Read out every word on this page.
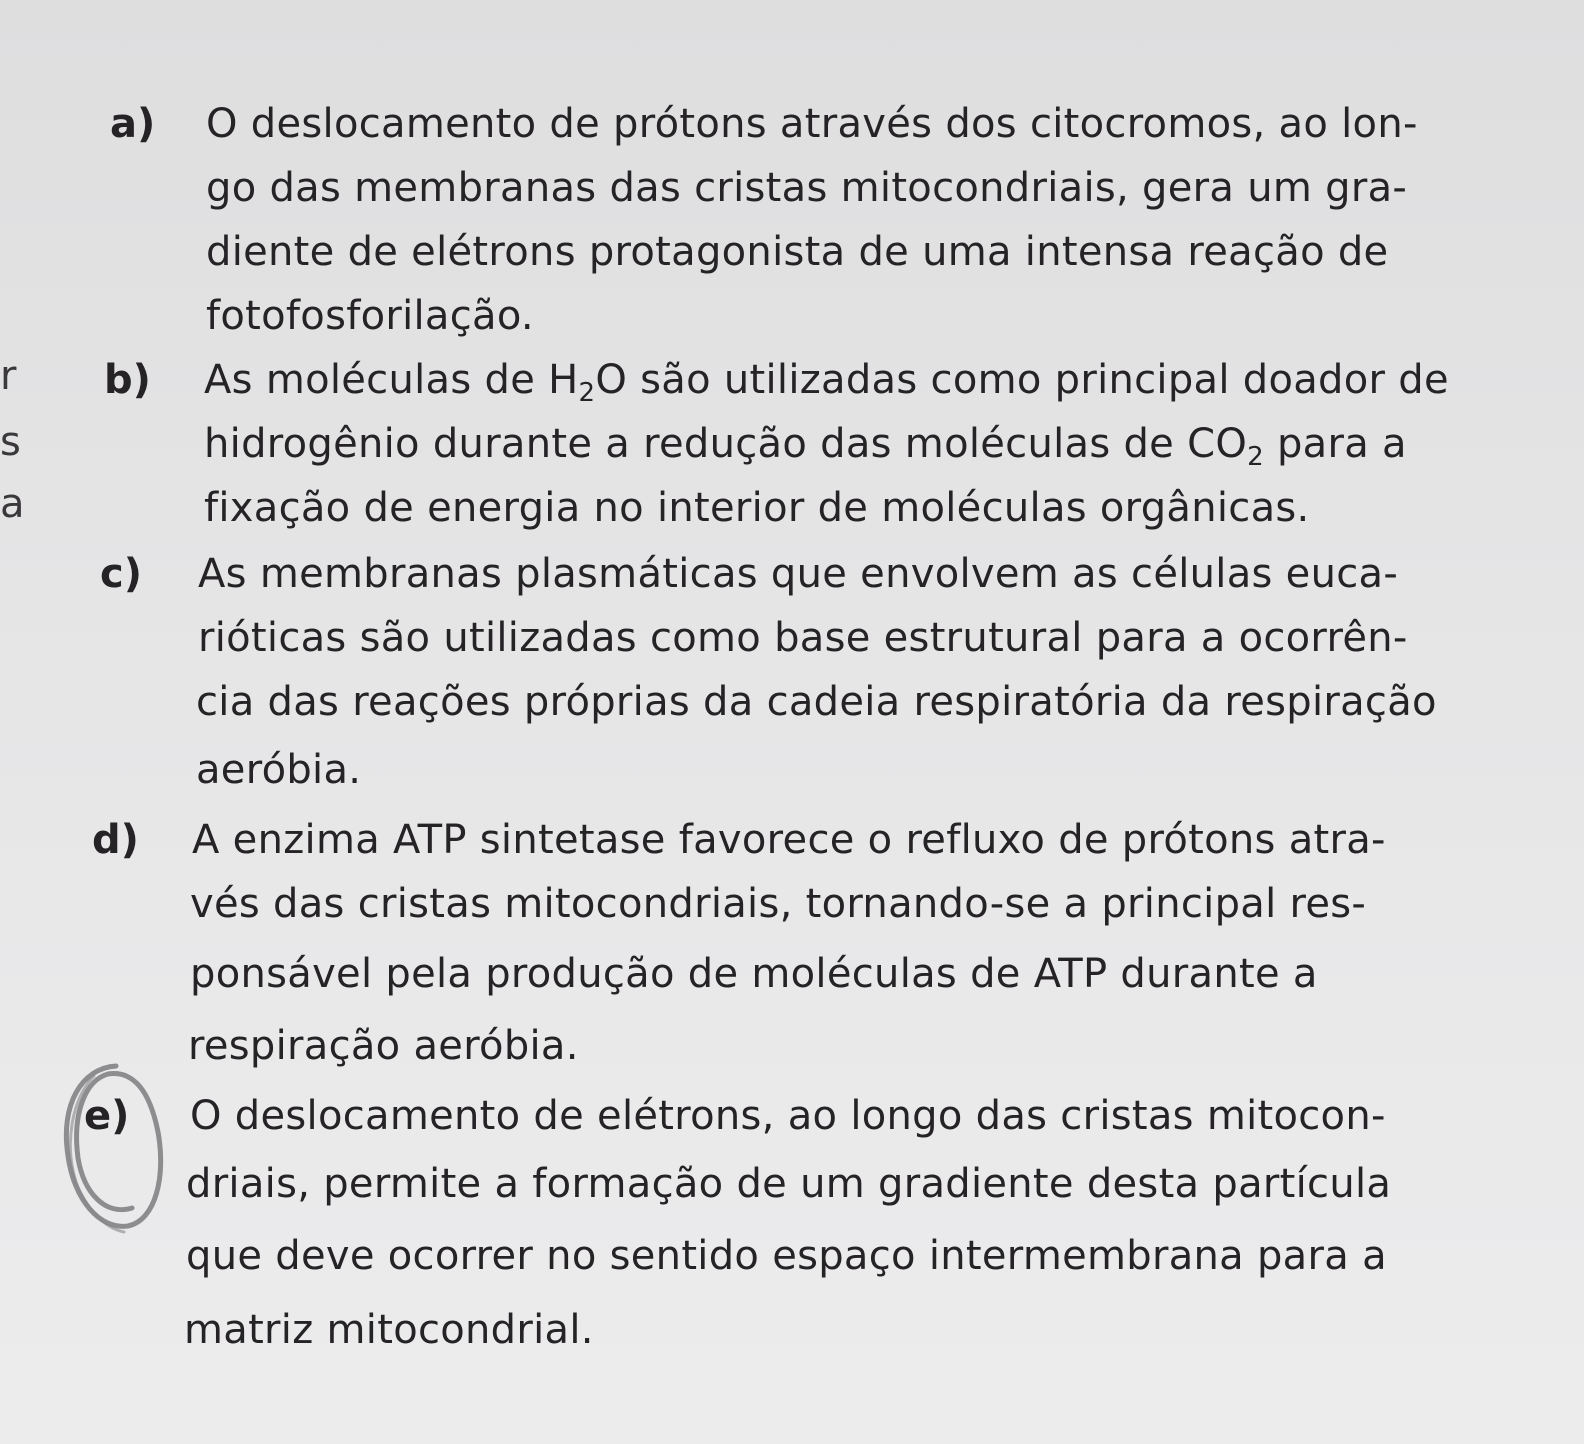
r
s
a
a) O deslocamento de prótons através dos citocromos, ao lon-
go das membranas das cristas mitocondriais, gera um gra-
diente de elétrons protagonista de uma intensa reação de
fotofosforilação.
b) As moléculas de $H_2O$ são utilizadas como principal doador de
hidrogênio durante a redução das moléculas de $CO_2$ para a
fixação de energia no interior de moléculas orgânicas.
c) As membranas plasmáticas que envolvem as células euca-
rióticas são utilizadas como base estrutural para a ocorrên-
cia das reações próprias da cadeia respiratória da respiração
aeróbia.
d) A enzima ATP sintetase favorece o refluxo de prótons atra-
vés das cristas mitocondriais, tornando-se a principal res-
ponsável pela produção de moléculas de ATP durante a
respiração aeróbia.
e) O deslocamento de elétrons, ao longo das cristas mitocon-
driais, permite a formação de um gradiente desta partícula
que deve ocorrer no sentido espaço intermembrana para a
matriz mitocondrial.
